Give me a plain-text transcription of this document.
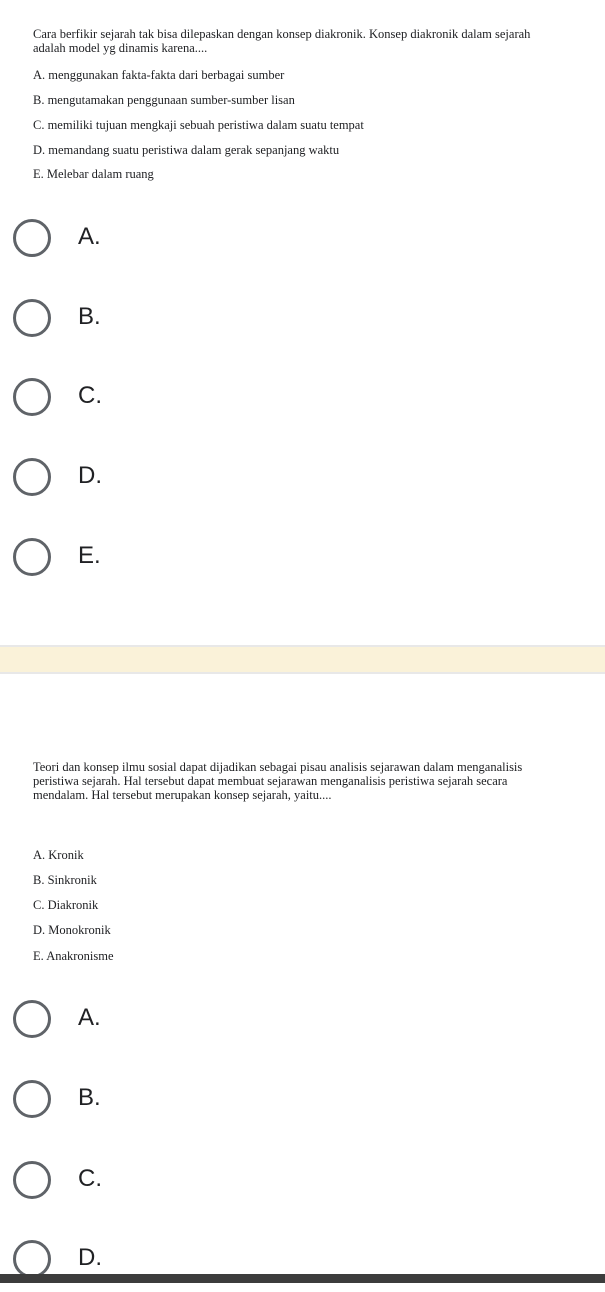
Cara berfikir sejarah tak bisa dilepaskan dengan konsep diakronik. Konsep diakronik dalam sejarah adalah model yg dinamis karena....
A. menggunakan fakta-fakta dari berbagai sumber
B. mengutamakan penggunaan sumber-sumber lisan
C. memiliki tujuan mengkaji sebuah peristiwa dalam suatu tempat
D. memandang suatu peristiwa dalam gerak sepanjang waktu
E. Melebar dalam ruang
A.
B.
C.
D.
E.
Teori dan konsep ilmu sosial dapat dijadikan sebagai pisau analisis sejarawan dalam menganalisis peristiwa sejarah. Hal tersebut dapat membuat sejarawan menganalisis peristiwa sejarah secara mendalam. Hal tersebut merupakan konsep sejarah, yaitu....
A. Kronik
B. Sinkronik
C. Diakronik
D. Monokronik
E. Anakronisme
A.
B.
C.
D.
